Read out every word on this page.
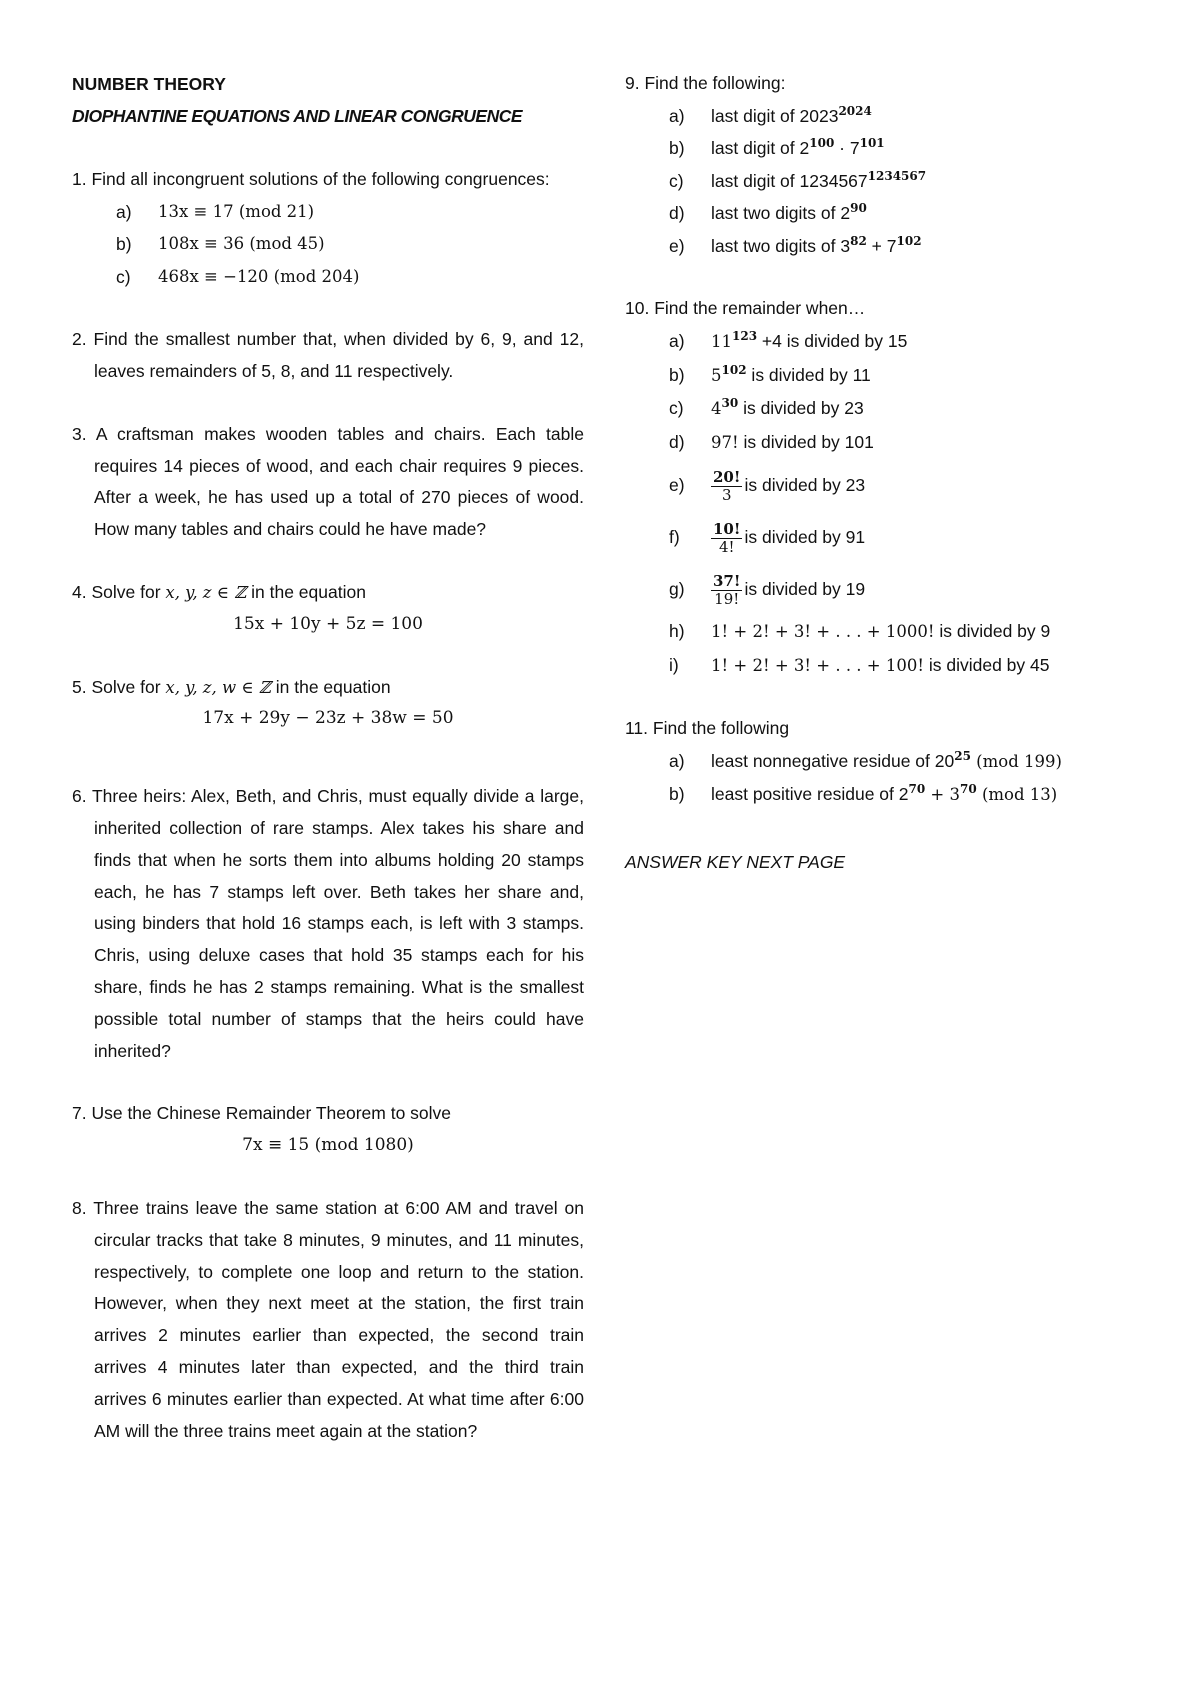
NUMBER THEORY

DIOPHANTINE EQUATIONS AND LINEAR CONGRUENCE

1. Find all incongruent solutions of the following congruences:

a)	13x ≡ 17 (mod 21)
b)	108x ≡ 36 (mod 45)
c)	468x ≡ −120 (mod 204)

2. Find the smallest number that, when divided by 6, 9, and 12, leaves remainders of 5, 8, and 11 respectively.

3. A craftsman makes wooden tables and chairs. Each table requires 14 pieces of wood, and each chair requires 9 pieces. After a week, he has used up a total of 270 pieces of wood. How many tables and chairs could he have made?

4. Solve for x, y, z ∈ ℤ in the equation

15x + 10y + 5z = 100

5. Solve for x, y, z, w ∈ ℤ in the equation

17x + 29y − 23z + 38w = 50

6. Three heirs: Alex, Beth, and Chris, must equally divide a large, inherited collection of rare stamps. Alex takes his share and finds that when he sorts them into albums holding 20 stamps each, he has 7 stamps left over. Beth takes her share and, using binders that hold 16 stamps each, is left with 3 stamps. Chris, using deluxe cases that hold 35 stamps each for his share, finds he has 2 stamps remaining. What is the smallest possible total number of stamps that the heirs could have inherited?

7. Use the Chinese Remainder Theorem to solve

7x ≡ 15 (mod 1080)

8. Three trains leave the same station at 6:00 AM and travel on circular tracks that take 8 minutes, 9 minutes, and 11 minutes, respectively, to complete one loop and return to the station. However, when they next meet at the station, the first train arrives 2 minutes earlier than expected, the second train arrives 4 minutes later than expected, and the third train arrives 6 minutes earlier than expected. At what time after 6:00 AM will the three trains meet again at the station?

9. Find the following:

a)	last digit of $2023^{2024}$
b)	last digit of $2^{100} \cdot 7^{101}$
c)	last digit of $1234567^{1234567}$
d)	last two digits of $2^{90}$
e)	last two digits of $3^{82} + 7^{102}$

10. Find the remainder when…

a)	$11^{123} +4$ is divided by 15
b)	$5^{102}$ is divided by 11
c)	$4^{30}$ is divided by 23
d)	97! is divided by 101
e)	$\frac{20!}{3}$ is divided by 23
f)	$\frac{10!}{4!}$ is divided by 91
g)	$\frac{37!}{19!}$ is divided by 19
h)	1! + 2! + 3! + . . . + 1000! is divided by 9
i)	1! + 2! + 3! + . . . + 100! is divided by 45

11. Find the following

a)	least nonnegative residue of $20^{25}$ (mod 199)
b)	least positive residue of $2^{70} + 3^{70}$ (mod 13)

ANSWER KEY NEXT PAGE
